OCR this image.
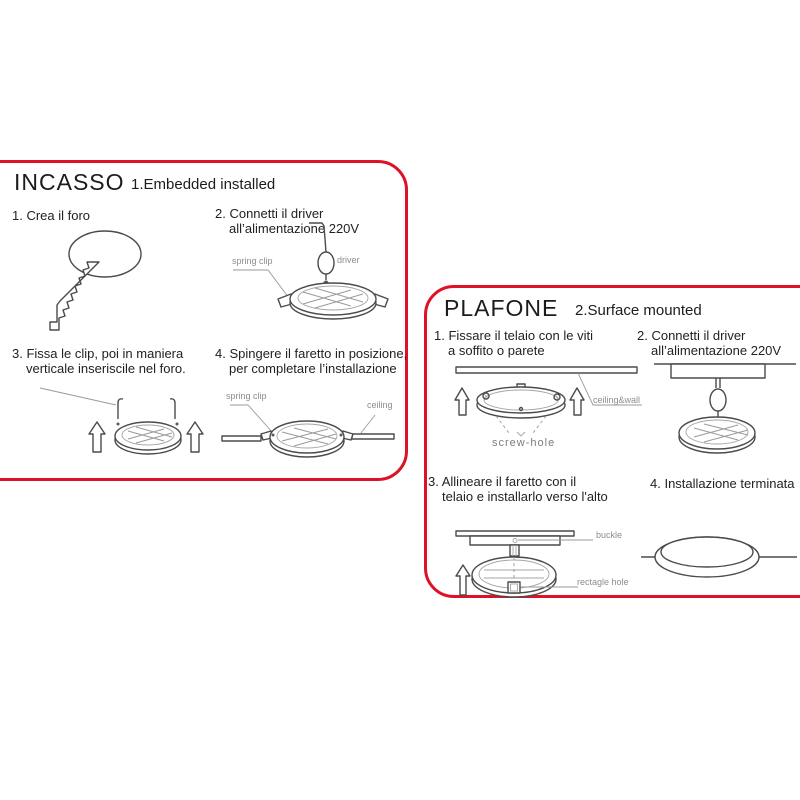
INCASSO 1.Embedded installed
1. Crea il foro	2. Connetti il driver
all’alimentazione 220V
3. Fissa le clip, poi in maniera
verticale inseriscile nel foro.
4. Spingere il faretto in posizione,
per completare l’installazione
spring clip	driver
spring clip
ceiling
PLAFONE 2.Surface mounted
1. Fissare il telaio con le viti
a soffito o parete
2. Connetti il driver
all’alimentazione 220V
3. Allineare il faretto con il
telaio e installarlo verso l'alto
4. Installazione terminata
ceiling&wall
screw-hole
buckle
rectagle hole
